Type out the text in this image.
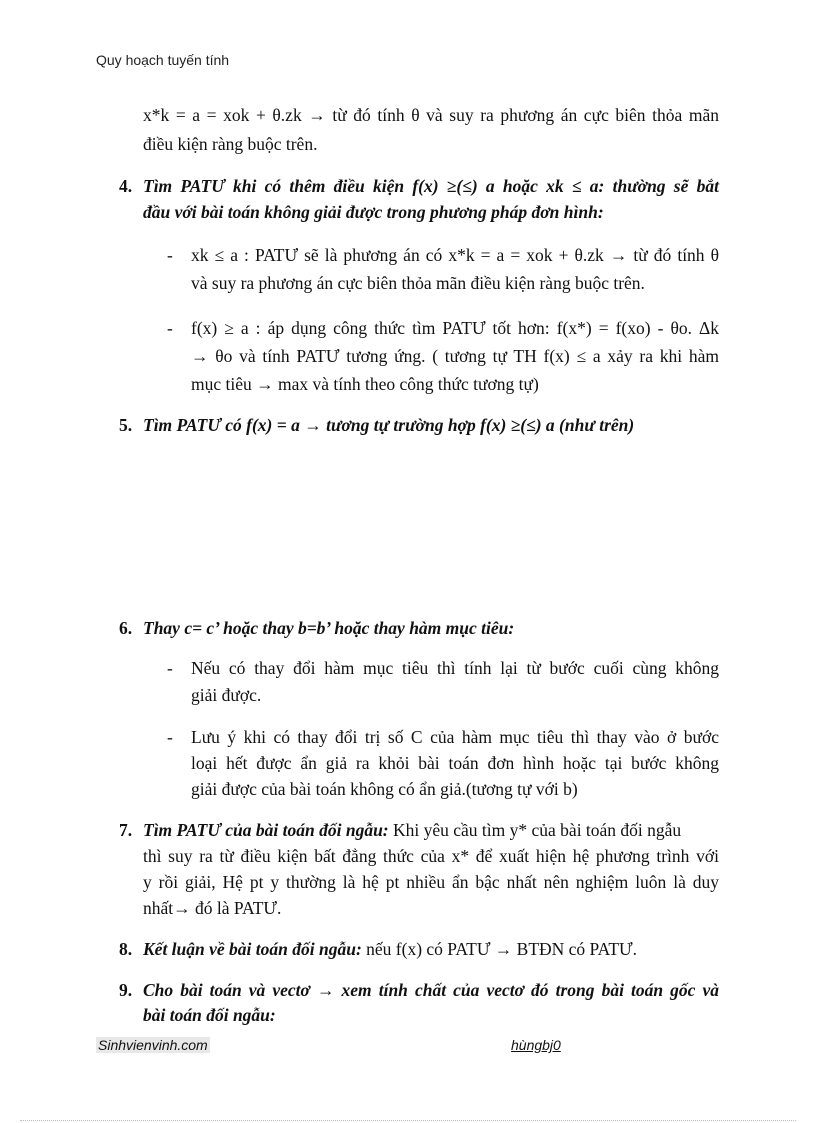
Quy hoạch tuyến tính
x*k = a = xok + θ.zk → từ đó tính θ và suy ra phương án cực biên thỏa mãn
điều kiện ràng buộc trên.
4. Tìm PATƯ khi có thêm điều kiện f(x) ≥(≤) a hoặc xk ≤ a: thường sẽ bắt
đầu với bài toán không giải được trong phương pháp đơn hình:
- xk ≤ a : PATƯ sẽ là phương án có x*k = a = xok + θ.zk → từ đó tính θ
và suy ra phương án cực biên thỏa mãn điều kiện ràng buộc trên.
- f(x) ≥ a : áp dụng công thức tìm PATƯ tốt hơn: f(x*) = f(xo) - θo. Δk
→ θo và tính PATƯ tương ứng. ( tương tự TH f(x) ≤ a xảy ra khi hàm
mục tiêu → max và tính theo công thức tương tự)
5. Tìm PATƯ có f(x) = a → tương tự trường hợp f(x) ≥(≤) a (như trên)
6. Thay c= c’ hoặc thay b=b’ hoặc thay hàm mục tiêu:
- Nếu có thay đổi hàm mục tiêu thì tính lại từ bước cuối cùng không
giải được.
- Lưu ý khi có thay đổi trị số C của hàm mục tiêu thì thay vào ở bước
loại hết được ẩn giả ra khỏi bài toán đơn hình hoặc tại bước không
giải được của bài toán không có ẩn giả.(tương tự với b)
7. Tìm PATƯ của bài toán đối ngẫu: Khi yêu cầu tìm y* của bài toán đối ngẫu
thì suy ra từ điều kiện bất đẳng thức của x* để xuất hiện hệ phương trình với
y rồi giải, Hệ pt y thường là hệ pt nhiều ẩn bậc nhất nên nghiệm luôn là duy
nhất→ đó là PATƯ.
8. Kết luận về bài toán đối ngẫu: nếu f(x) có PATƯ → BTĐN có PATƯ.
9. Cho bài toán và vectơ → xem tính chất của vectơ đó trong bài toán gốc và
bài toán đối ngẫu:
Sinhvienvinh.com	hùngbj0
